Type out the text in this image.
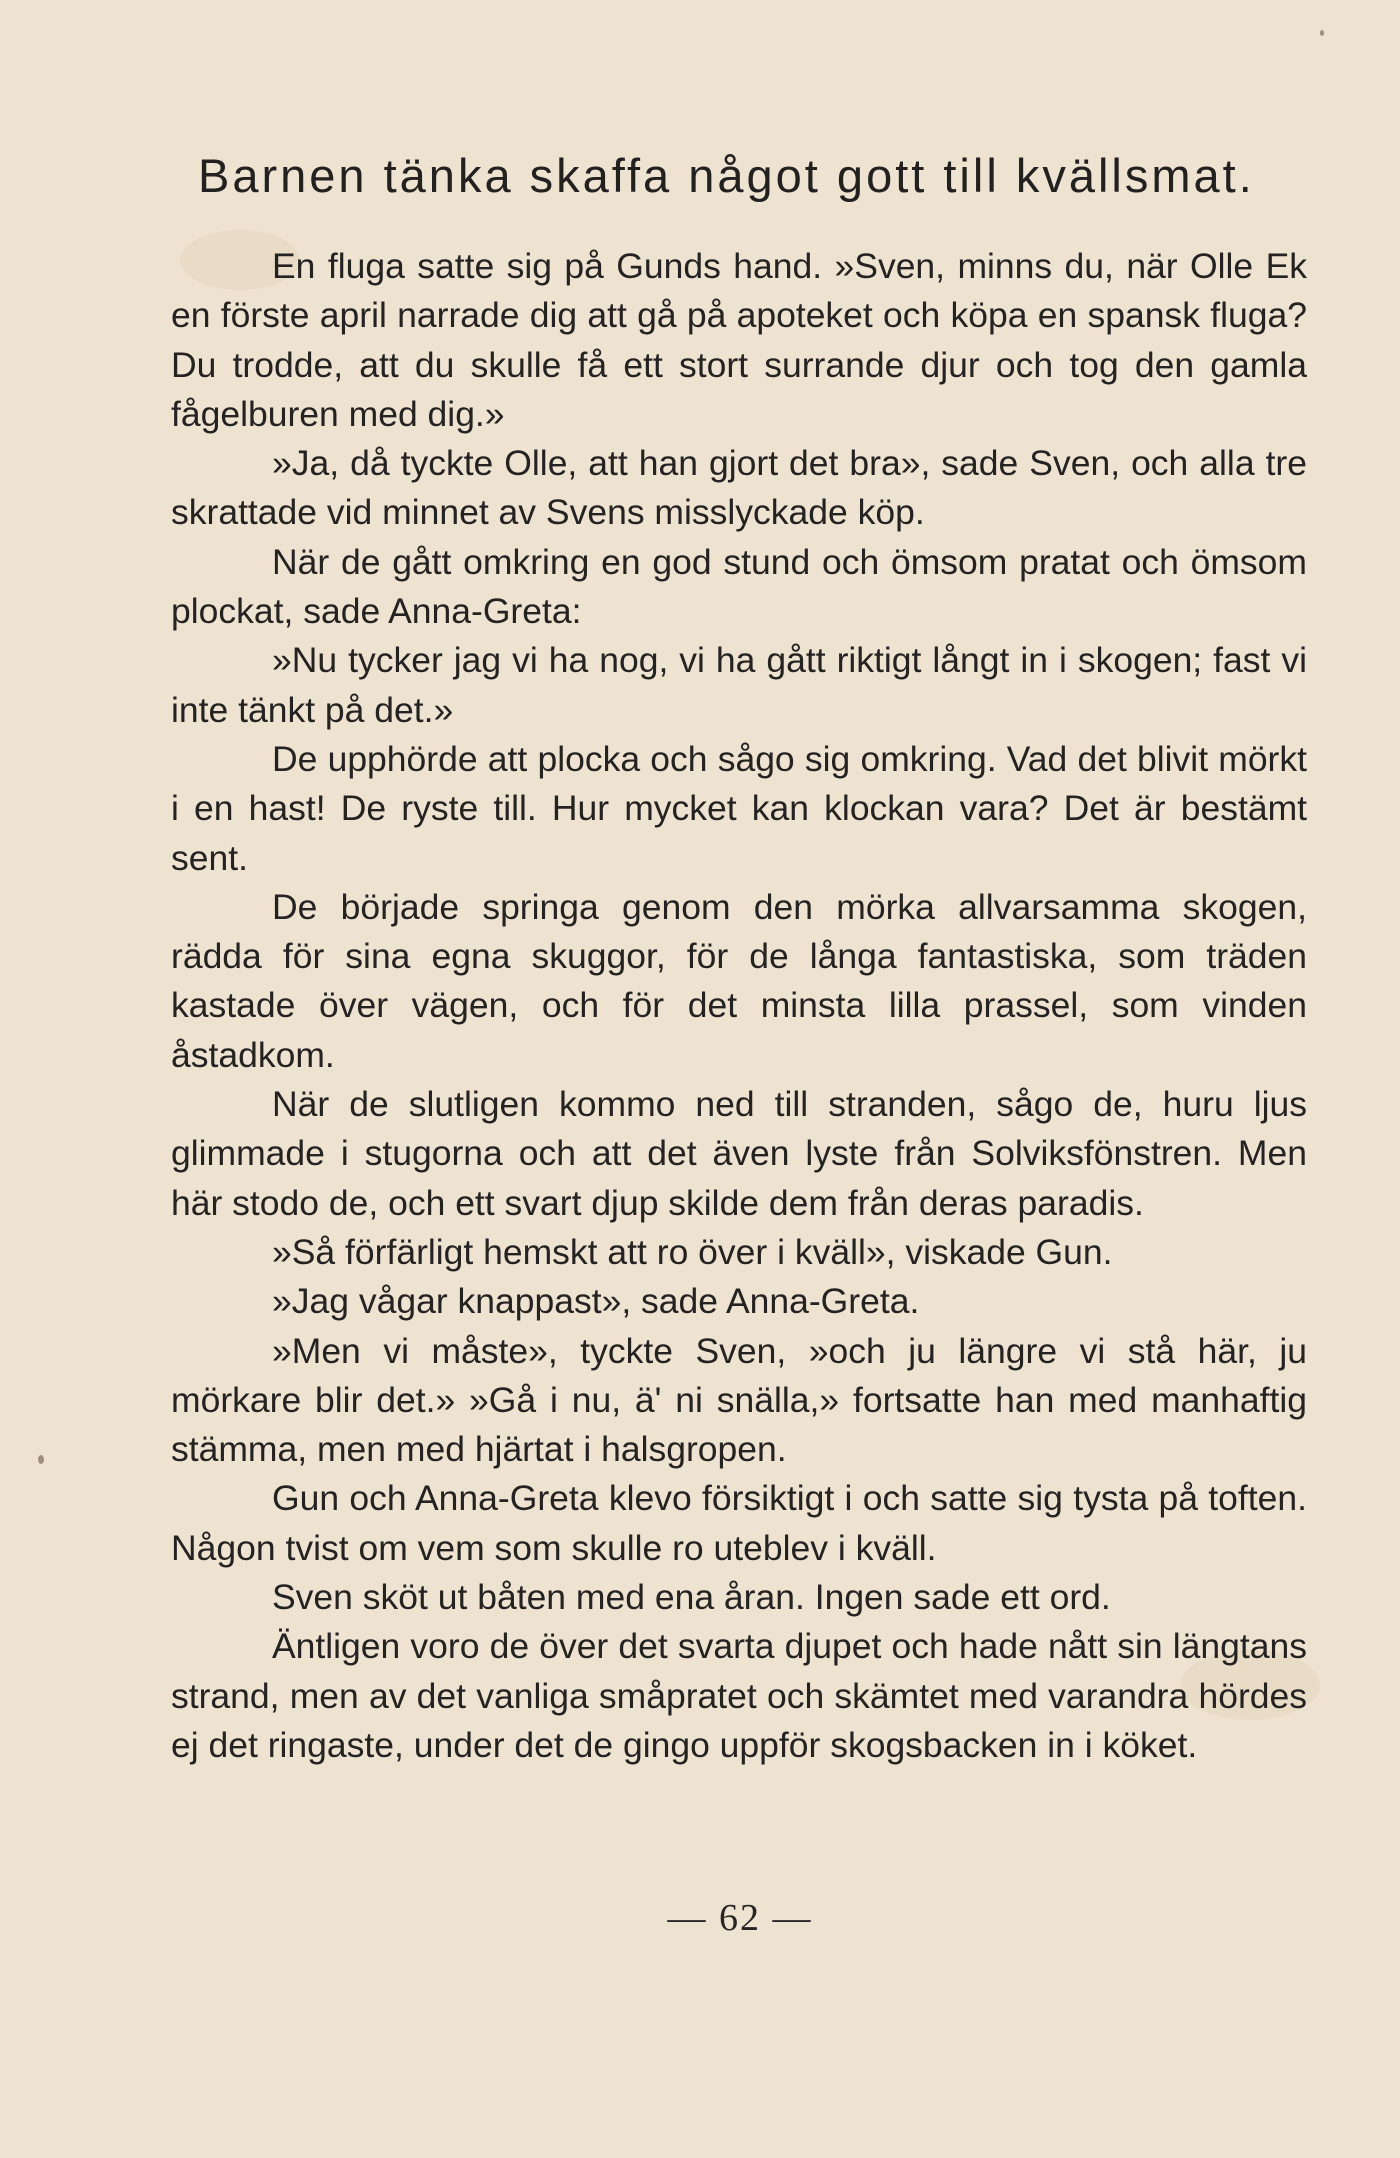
Barnen tänka skaffa något gott till kvällsmat.

En fluga satte sig på Gunds hand. »Sven, minns du, när Olle Ek en förste april narrade dig att gå på apoteket och köpa en spansk fluga? Du trodde, att du skulle få ett stort surrande djur och tog den gamla fågelburen med dig.»

»Ja, då tyckte Olle, att han gjort det bra», sade Sven, och alla tre skrattade vid minnet av Svens misslyckade köp.

När de gått omkring en god stund och ömsom pratat och ömsom plockat, sade Anna-Greta:

»Nu tycker jag vi ha nog, vi ha gått riktigt långt in i skogen; fast vi inte tänkt på det.»

De upphörde att plocka och sågo sig omkring. Vad det blivit mörkt i en hast! De ryste till. Hur mycket kan klockan vara? Det är bestämt sent.

De började springa genom den mörka allvarsamma skogen, rädda för sina egna skuggor, för de långa fantastiska, som träden kastade över vägen, och för det minsta lilla prassel, som vinden åstadkom.

När de slutligen kommo ned till stranden, sågo de, huru ljus glimmade i stugorna och att det även lyste från Solviksfönstren. Men här stodo de, och ett svart djup skilde dem från deras paradis.

»Så förfärligt hemskt att ro över i kväll», viskade Gun.

»Jag vågar knappast», sade Anna-Greta.

»Men vi måste», tyckte Sven, »och ju längre vi stå här, ju mörkare blir det.» »Gå i nu, ä' ni snälla,» fortsatte han med manhaftig stämma, men med hjärtat i halsgropen.

Gun och Anna-Greta klevo försiktigt i och satte sig tysta på toften. Någon tvist om vem som skulle ro uteblev i kväll.

Sven sköt ut båten med ena åran. Ingen sade ett ord.

Äntligen voro de över det svarta djupet och hade nått sin längtans strand, men av det vanliga småpratet och skämtet med varandra hördes ej det ringaste, under det de gingo uppför skogsbacken in i köket.

— 62 —
